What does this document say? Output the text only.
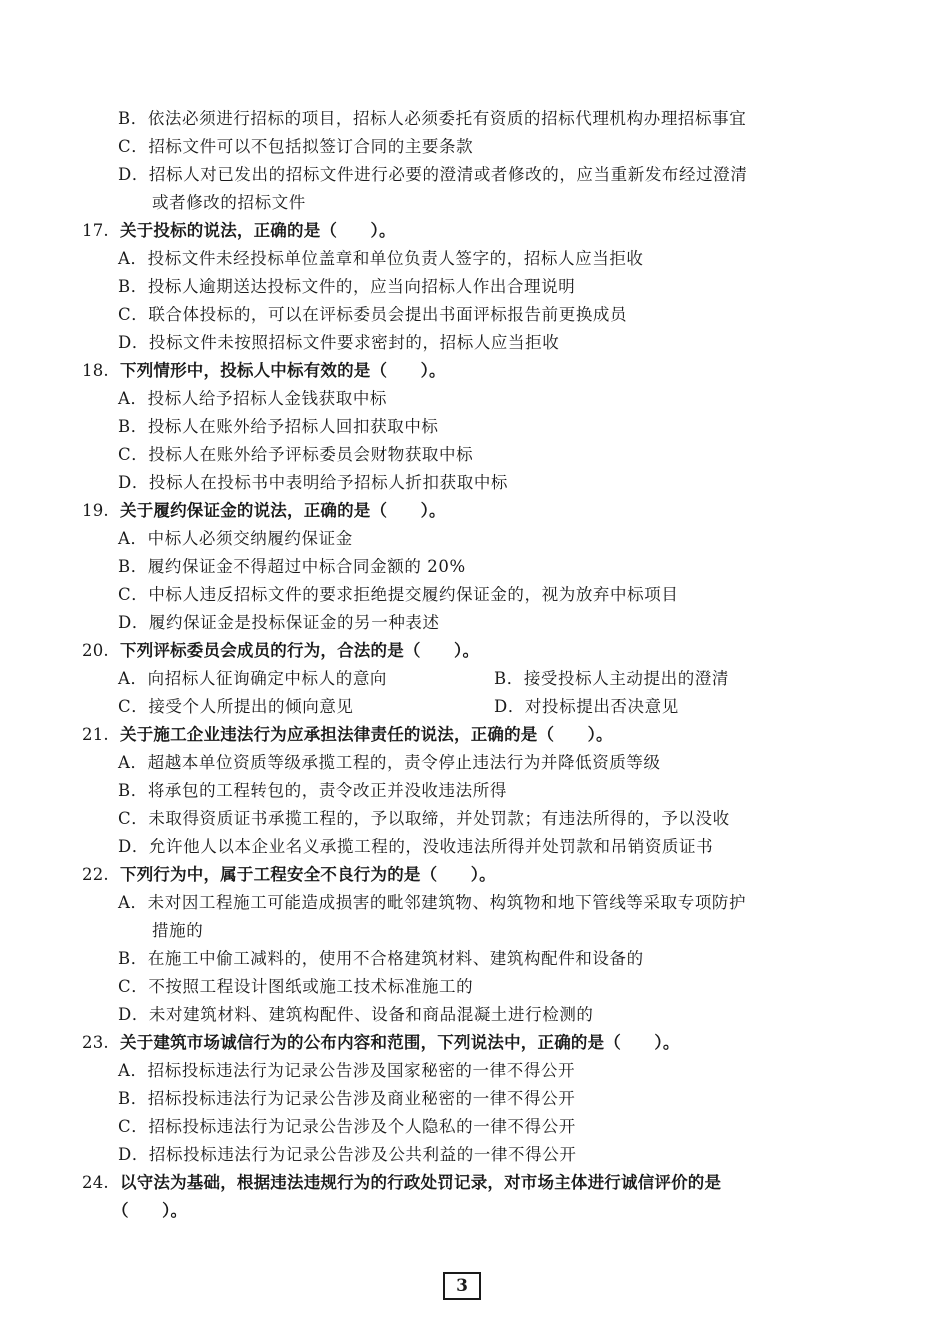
B．依法必须进行招标的项目，招标人必须委托有资质的招标代理机构办理招标事宜
C．招标文件可以不包括拟签订合同的主要条款
D．招标人对已发出的招标文件进行必要的澄清或者修改的，应当重新发布经过澄清
或者修改的招标文件
17. 关于投标的说法，正确的是（　　）。
A．投标文件未经投标单位盖章和单位负责人签字的，招标人应当拒收
B．投标人逾期送达投标文件的，应当向招标人作出合理说明
C．联合体投标的，可以在评标委员会提出书面评标报告前更换成员
D．投标文件未按照招标文件要求密封的，招标人应当拒收
18. 下列情形中，投标人中标有效的是（　　）。
A．投标人给予招标人金钱获取中标
B．投标人在账外给予招标人回扣获取中标
C．投标人在账外给予评标委员会财物获取中标
D．投标人在投标书中表明给予招标人折扣获取中标
19. 关于履约保证金的说法，正确的是（　　）。
A．中标人必须交纳履约保证金
B．履约保证金不得超过中标合同金额的 20%
C．中标人违反招标文件的要求拒绝提交履约保证金的，视为放弃中标项目
D．履约保证金是投标保证金的另一种表述
20. 下列评标委员会成员的行为，合法的是（　　）。
A．向招标人征询确定中标人的意向	B．接受投标人主动提出的澄清
C．接受个人所提出的倾向意见	D．对投标提出否决意见
21. 关于施工企业违法行为应承担法律责任的说法，正确的是（　　）。
A．超越本单位资质等级承揽工程的，责令停止违法行为并降低资质等级
B．将承包的工程转包的，责令改正并没收违法所得
C．未取得资质证书承揽工程的，予以取缔，并处罚款；有违法所得的，予以没收
D．允许他人以本企业名义承揽工程的，没收违法所得并处罚款和吊销资质证书
22. 下列行为中，属于工程安全不良行为的是（　　）。
A．未对因工程施工可能造成损害的毗邻建筑物、构筑物和地下管线等采取专项防护
措施的
B．在施工中偷工减料的，使用不合格建筑材料、建筑构配件和设备的
C．不按照工程设计图纸或施工技术标准施工的
D．未对建筑材料、建筑构配件、设备和商品混凝土进行检测的
23. 关于建筑市场诚信行为的公布内容和范围，下列说法中，正确的是（　　）。
A．招标投标违法行为记录公告涉及国家秘密的一律不得公开
B．招标投标违法行为记录公告涉及商业秘密的一律不得公开
C．招标投标违法行为记录公告涉及个人隐私的一律不得公开
D．招标投标违法行为记录公告涉及公共利益的一律不得公开
24. 以守法为基础，根据违法违规行为的行政处罚记录，对市场主体进行诚信评价的是
（　　）。
3
